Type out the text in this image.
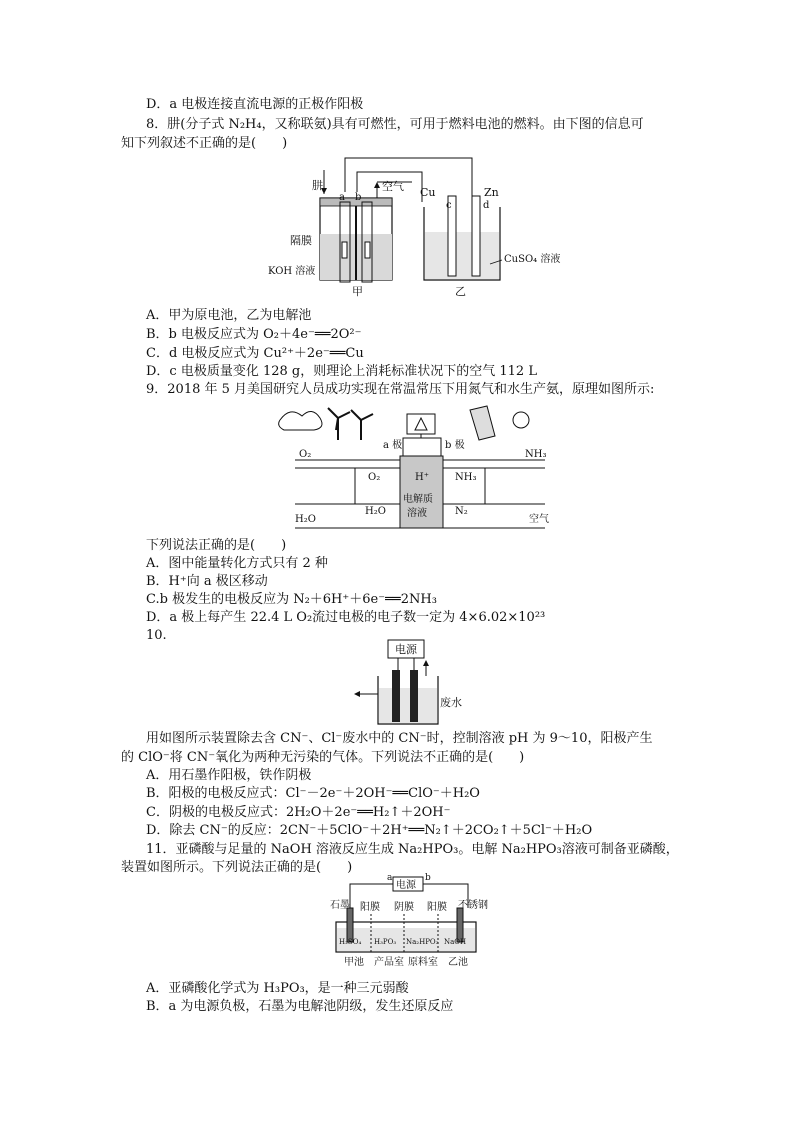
D．a 电极连接直流电源的正极作阳极
8．肼(分子式 N₂H₄，又称联氨)具有可燃性，可用于燃料电池的燃料。由下图的信息可
知下列叙述不正确的是(　　)
肼
a b
空气 Cu	Zn
c	d
隔膜
KOH 溶液
CuSO₄ 溶液
甲	乙
A．甲为原电池，乙为电解池
B．b 电极反应式为 O₂＋4e⁻══2O²⁻
C．d 电极反应式为 Cu²⁺＋2e⁻══Cu
D．c 电极质量变化 128 g，则理论上消耗标准状况下的空气 112 L
9．2018 年 5 月美国研究人员成功实现在常温常压下用氮气和水生产氨，原理如图所示:
a 极	b 极
O₂	NH₃
O₂	NH₃
H⁺
电解质
溶液
H₂O
H₂O	N₂
空气
下列说法正确的是(　　)
A．图中能量转化方式只有 2 种
B．H⁺向 a 极区移动
C.b 极发生的电极反应为 N₂＋6H⁺＋6e⁻══2NH₃
D．a 极上每产生 22.4 L O₂流过电极的电子数一定为 4×6.02×10²³
10.
电源
废水
用如图所示装置除去含 CN⁻、Cl⁻废水中的 CN⁻时，控制溶液 pH 为 9～10，阳极产生
的 ClO⁻将 CN⁻氧化为两种无污染的气体。下列说法不正确的是(　　)
A．用石墨作阳极，铁作阴极
B．阳极的电极反应式：Cl⁻－2e⁻＋2OH⁻══ClO⁻＋H₂O
C．阴极的电极反应式：2H₂O＋2e⁻══H₂↑＋2OH⁻
D．除去 CN⁻的反应：2CN⁻＋5ClO⁻＋2H⁺══N₂↑＋2CO₂↑＋5Cl⁻＋H₂O
11．亚磷酸与足量的 NaOH 溶液反应生成 Na₂HPO₃。电解 Na₂HPO₃溶液可制备亚磷酸，
装置如图所示。下列说法正确的是(　　)
a	b
电源
石墨	不锈钢
阳膜 阴膜 阳膜
H₂SO₄ H₃PO₃ Na₂HPO₃ NaOH
甲池 产品室 原料室 乙池
A．亚磷酸化学式为 H₃PO₃，是一种三元弱酸
B．a 为电源负极，石墨为电解池阴级，发生还原反应
